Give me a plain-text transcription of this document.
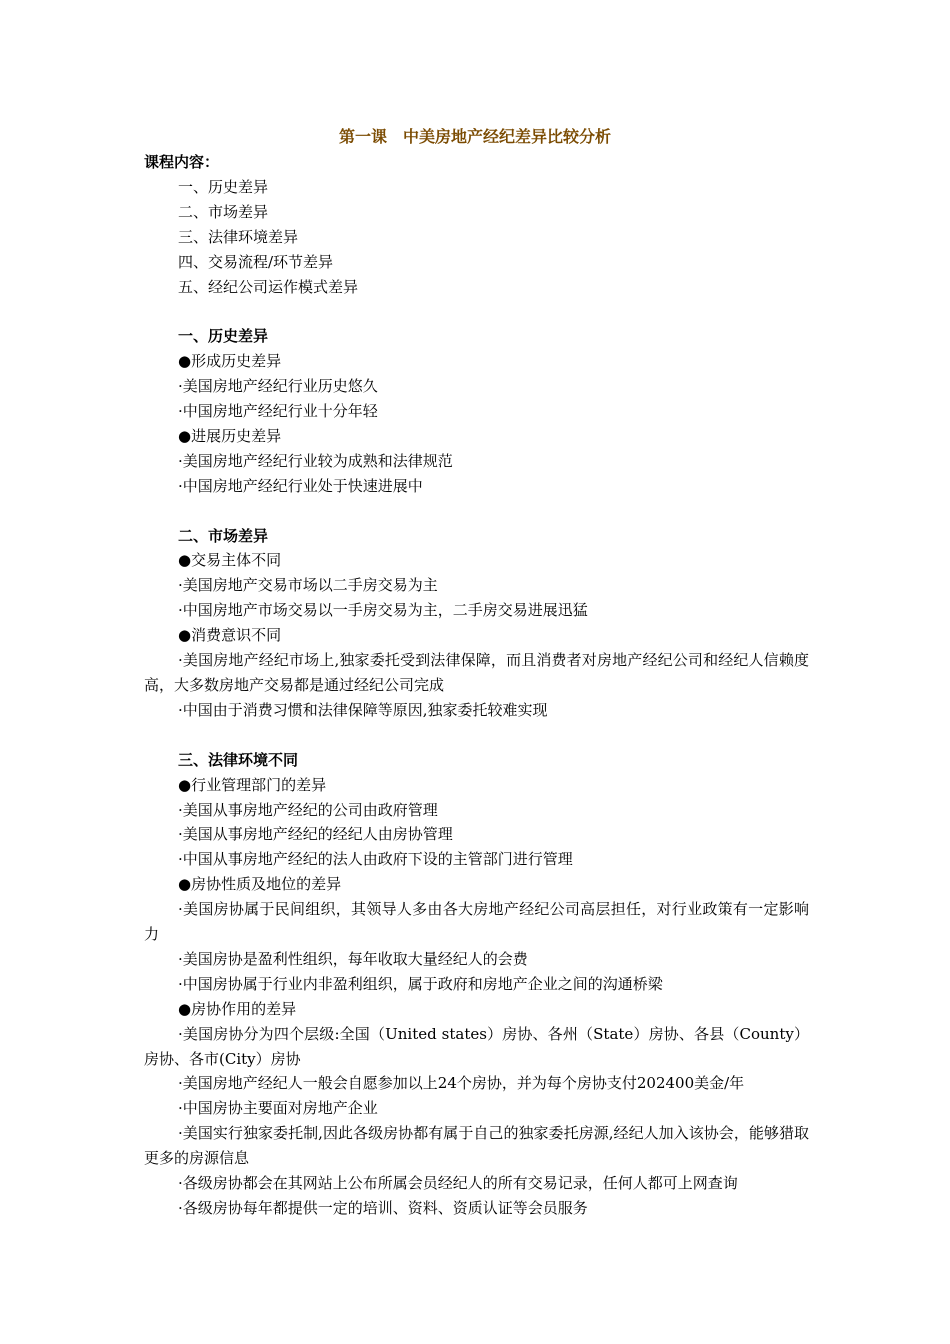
第一课　中美房地产经纪差异比较分析
课程内容：
一、历史差异
二、市场差异
三、法律环境差异
四、交易流程/环节差异
五、经纪公司运作模式差异
一、历史差异
●形成历史差异
·美国房地产经纪行业历史悠久
·中国房地产经纪行业十分年轻
●进展历史差异
·美国房地产经纪行业较为成熟和法律规范
·中国房地产经纪行业处于快速进展中
二、市场差异
●交易主体不同
·美国房地产交易市场以二手房交易为主
·中国房地产市场交易以一手房交易为主，二手房交易进展迅猛
●消费意识不同
·美国房地产经纪市场上,独家委托受到法律保障，而且消费者对房地产经纪公司和经纪人信赖度高，大多数房地产交易都是通过经纪公司完成
·中国由于消费习惯和法律保障等原因,独家委托较难实现
三、法律环境不同
●行业管理部门的差异
·美国从事房地产经纪的公司由政府管理
·美国从事房地产经纪的经纪人由房协管理
·中国从事房地产经纪的法人由政府下设的主管部门进行管理
●房协性质及地位的差异
·美国房协属于民间组织，其领导人多由各大房地产经纪公司高层担任，对行业政策有一定影响力
·美国房协是盈利性组织，每年收取大量经纪人的会费
·中国房协属于行业内非盈利组织，属于政府和房地产企业之间的沟通桥梁
●房协作用的差异
·美国房协分为四个层级:全国（United states）房协、各州（State）房协、各县（County）房协、各市(City）房协
·美国房地产经纪人一般会自愿参加以上24个房协，并为每个房协支付202400美金/年
·中国房协主要面对房地产企业
·美国实行独家委托制,因此各级房协都有属于自己的独家委托房源,经纪人加入该协会，能够猎取更多的房源信息
·各级房协都会在其网站上公布所属会员经纪人的所有交易记录，任何人都可上网查询
·各级房协每年都提供一定的培训、资料、资质认证等会员服务
